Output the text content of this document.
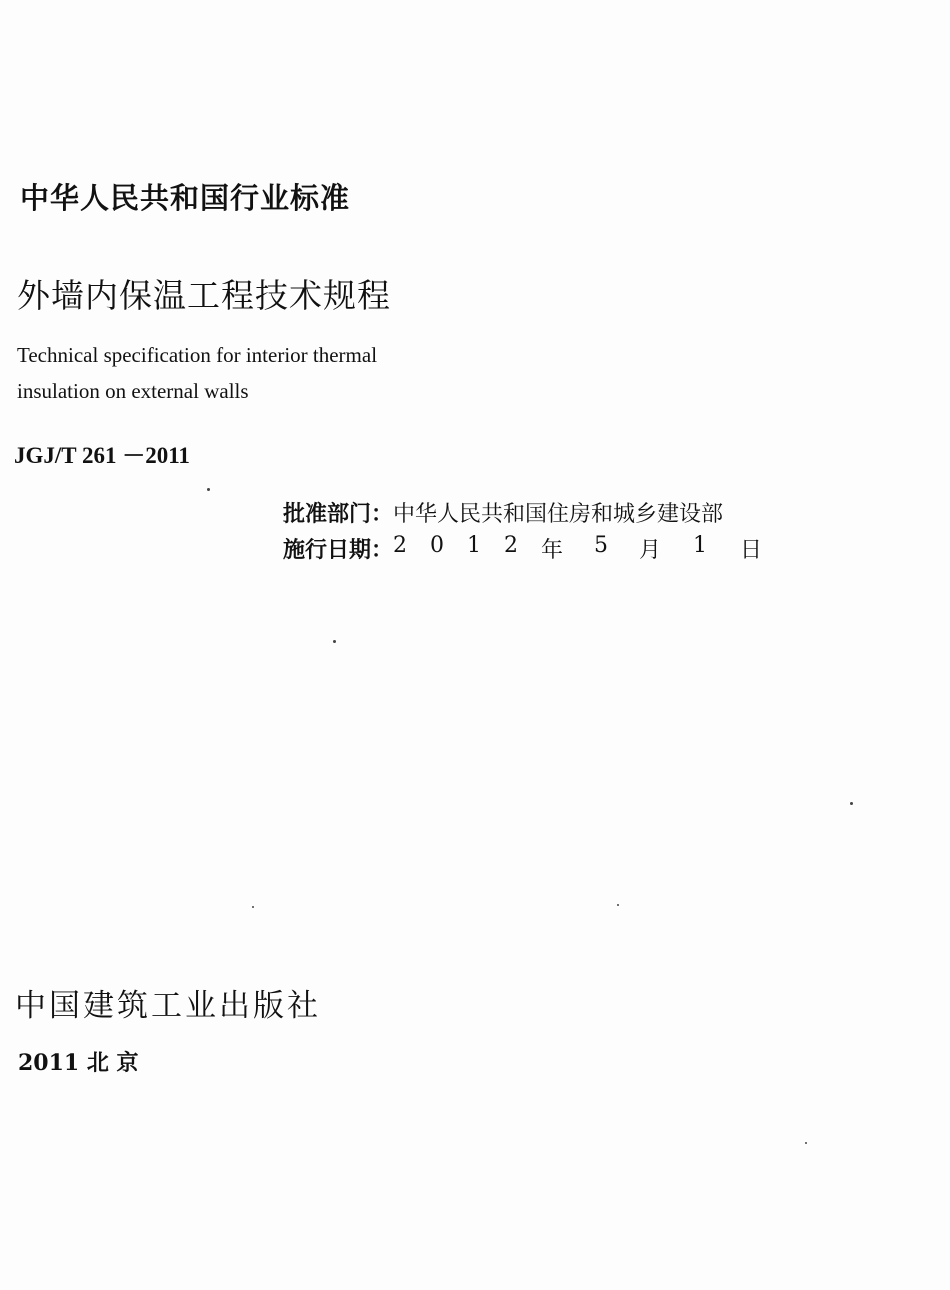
中华人民共和国行业标准
外墙内保温工程技术规程
Technical specification for interior thermal
insulation on external walls
JGJ/T 261 －2011
批准部门： 中华人民共和国住房和城乡建设部
施行日期： 2	0	1	2	年	5	月	1	日
中国建筑工业出版社
2011 北 京
